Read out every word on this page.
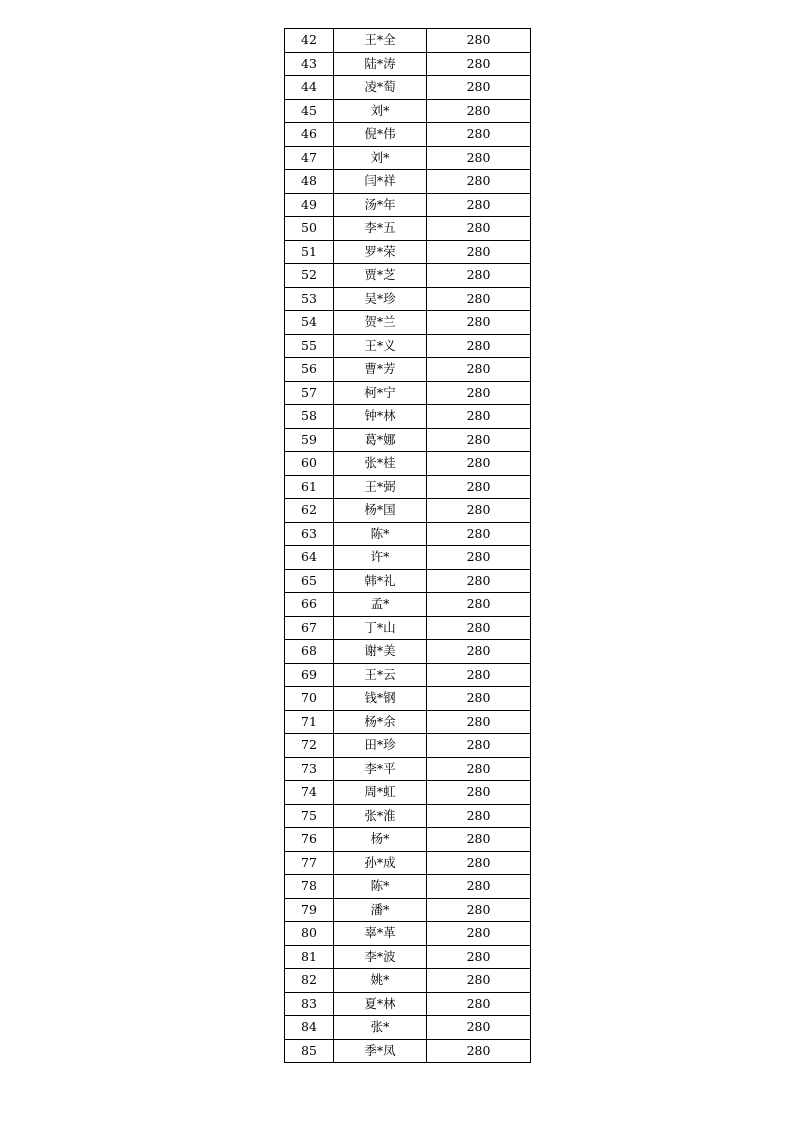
42	王*全	280
43	陆*涛	280
44	凌*萄	280
45	刘*	280
46	倪*伟	280
47	刘*	280
48	闫*祥	280
49	汤*年	280
50	李*五	280
51	罗*荣	280
52	贾*芝	280
53	吴*珍	280
54	贺*兰	280
55	王*义	280
56	曹*芳	280
57	柯*宁	280
58	钟*林	280
59	葛*娜	280
60	张*桂	280
61	王*弼	280
62	杨*国	280
63	陈*	280
64	许*	280
65	韩*礼	280
66	孟*	280
67	丁*山	280
68	谢*美	280
69	王*云	280
70	钱*钢	280
71	杨*余	280
72	田*珍	280
73	李*平	280
74	周*虹	280
75	张*淮	280
76	杨*	280
77	孙*成	280
78	陈*	280
79	潘*	280
80	辜*革	280
81	李*波	280
82	姚*	280
83	夏*林	280
84	张*	280
85	季*凤	280
